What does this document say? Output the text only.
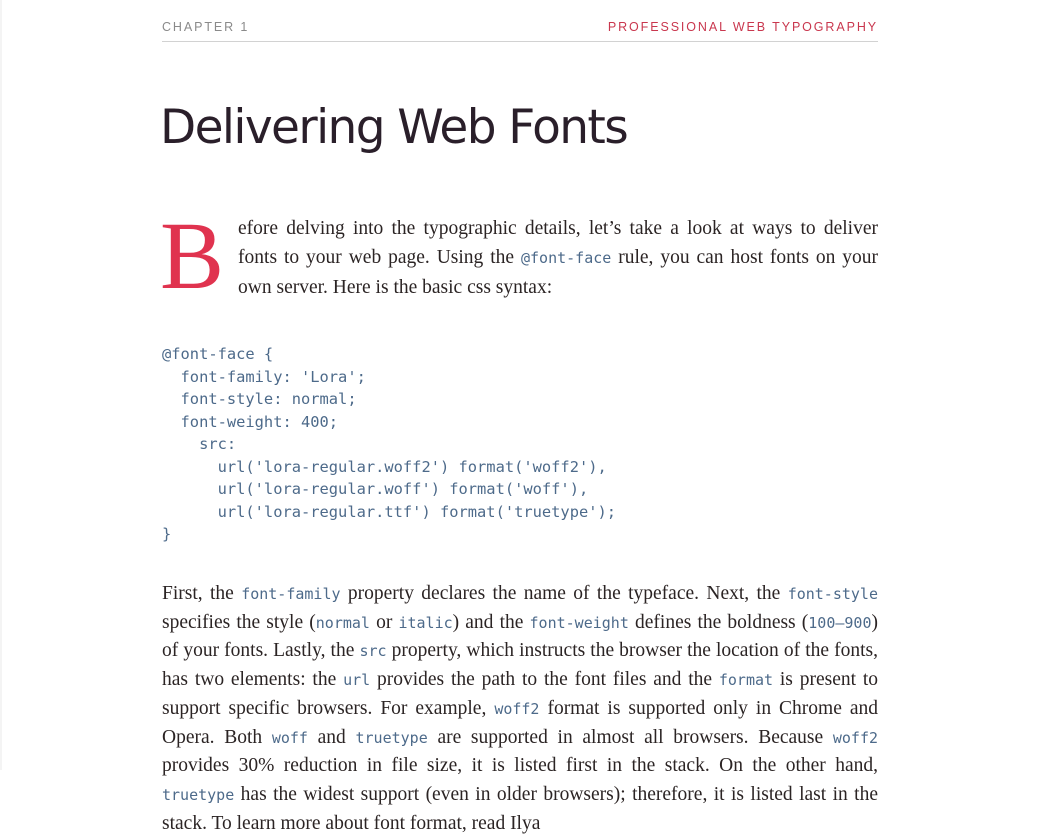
CHAPTER 1	PROFESSIONAL WEB TYPOGRAPHY
Delivering Web Fonts
Before delving into the typographic details, let’s take a look at ways to deliver fonts to your web page. Using the @font-face rule, you can host fonts on your own server. Here is the basic css syntax:
@font-face {
font-family: 'Lora';
font-style: normal;
font-weight: 400;
src:
url('lora-regular.woff2') format('woff2'),
url('lora-regular.woff') format('woff'),
url('lora-regular.ttf') format('truetype');
}

First, the font-family property declares the name of the typeface. Next, the font-style specifies the style (normal or italic) and the font-weight defines the boldness (100–900) of your fonts. Lastly, the src property, which instructs the browser the location of the fonts, has two elements: the url provides the path to the font files and the format is present to support specific browsers. For example, woff2 format is supported only in Chrome and Opera. Both woff and truetype are supported in almost all browsers. Because woff2 provides 30% reduction in file size, it is listed first in the stack. On the other hand, truetype has the widest support (even in older browsers); therefore, it is listed last in the stack. To learn more about font format, read Ilya
